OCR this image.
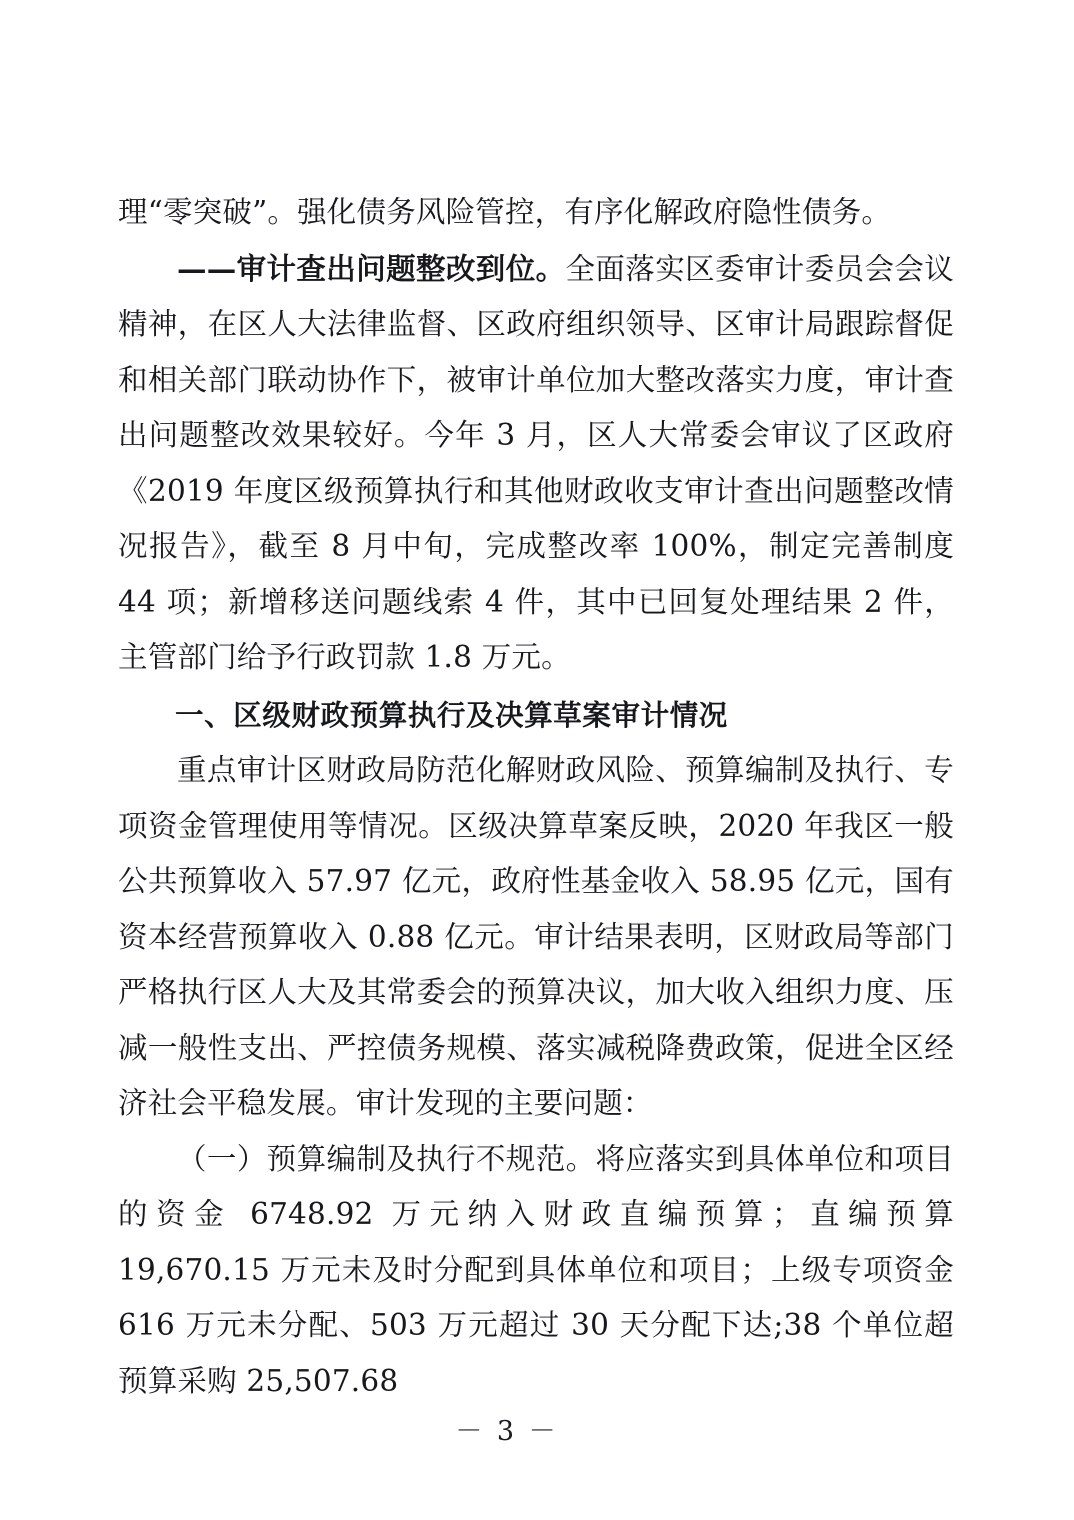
理“零突破”。强化债务风险管控，有序化解政府隐性债务。

——审计查出问题整改到位。全面落实区委审计委员会会议精神，在区人大法律监督、区政府组织领导、区审计局跟踪督促和相关部门联动协作下，被审计单位加大整改落实力度，审计查出问题整改效果较好。今年 3 月，区人大常委会审议了区政府《2019 年度区级预算执行和其他财政收支审计查出问题整改情况报告》，截至 8 月中旬，完成整改率 100%，制定完善制度 44 项；新增移送问题线索 4 件，其中已回复处理结果 2 件，主管部门给予行政罚款 1.8 万元。

一、区级财政预算执行及决算草案审计情况

重点审计区财政局防范化解财政风险、预算编制及执行、专项资金管理使用等情况。区级决算草案反映，2020 年我区一般公共预算收入 57.97 亿元，政府性基金收入 58.95 亿元，国有资本经营预算收入 0.88 亿元。审计结果表明，区财政局等部门严格执行区人大及其常委会的预算决议，加大收入组织力度、压减一般性支出、严控债务规模、落实减税降费政策，促进全区经济社会平稳发展。审计发现的主要问题：

（一）预算编制及执行不规范。将应落实到具体单位和项目的资金 6748.92 万元纳入财政直编预算；直编预算 19,670.15 万元未及时分配到具体单位和项目；上级专项资金 616 万元未分配、503 万元超过 30 天分配下达;38 个单位超预算采购 25,507.68

－ 3 －
